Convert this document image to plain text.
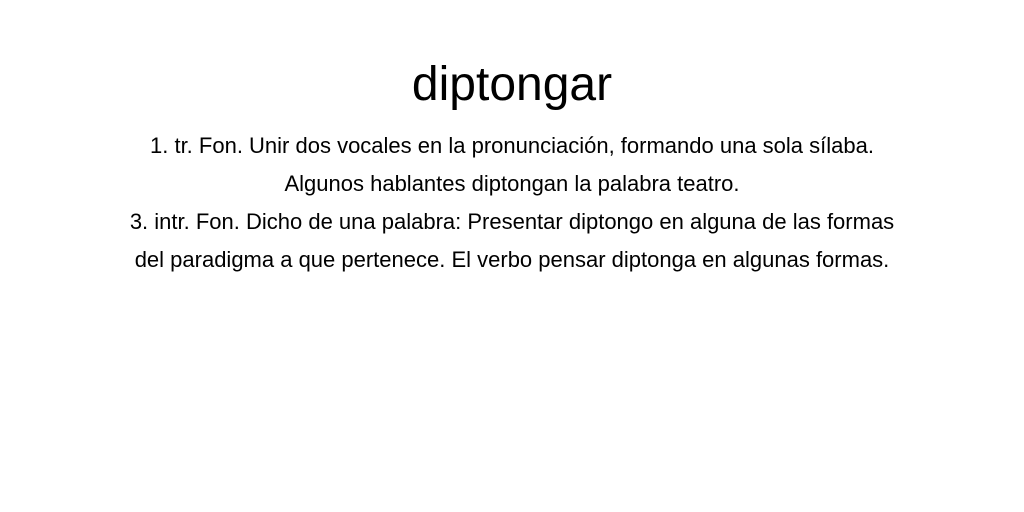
diptongar
1. tr. Fon. Unir dos vocales en la pronunciación, formando una sola sílaba.
Algunos hablantes diptongan la palabra teatro.
3. intr. Fon. Dicho de una palabra: Presentar diptongo en alguna de las formas
del paradigma a que pertenece. El verbo pensar diptonga en algunas formas.
